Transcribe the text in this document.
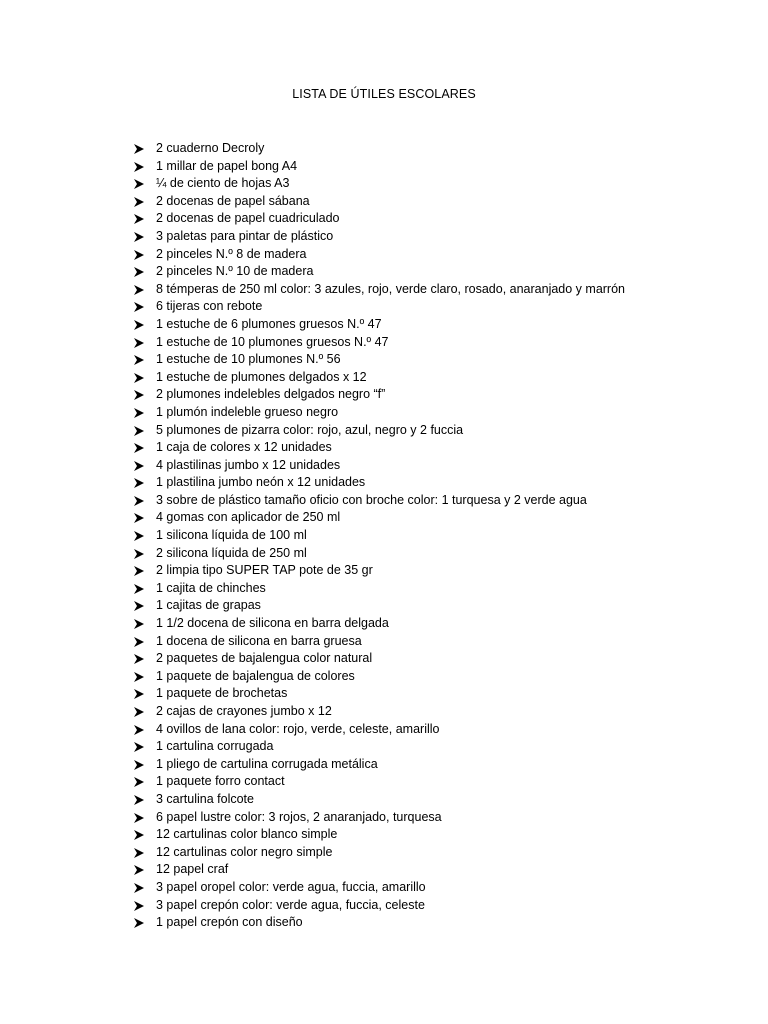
LISTA DE ÚTILES ESCOLARES
2 cuaderno Decroly
1 millar de papel bong A4
¼ de ciento de hojas A3
2 docenas de papel sábana
2 docenas de papel cuadriculado
3 paletas para pintar de plástico
2 pinceles N.º 8 de madera
2 pinceles N.º 10 de madera
8 témperas de 250 ml color: 3 azules, rojo, verde claro, rosado, anaranjado y marrón
6 tijeras con rebote
1 estuche de 6 plumones gruesos N.º 47
1 estuche de 10 plumones gruesos N.º 47
1 estuche de 10 plumones N.º 56
1 estuche de plumones delgados x 12
2 plumones indelebles delgados negro “f”
1 plumón indeleble grueso negro
5 plumones de pizarra color: rojo, azul, negro y 2 fuccia
1 caja de colores x 12 unidades
4 plastilinas jumbo x 12 unidades
1 plastilina jumbo neón x 12 unidades
3 sobre de plástico tamaño oficio con broche color: 1 turquesa y 2 verde agua
4 gomas con aplicador de 250 ml
1 silicona líquida de 100 ml
2 silicona líquida de 250 ml
2 limpia tipo SUPER TAP pote de 35 gr
1 cajita de chinches
1 cajitas de grapas
1 1/2 docena de silicona en barra delgada
1 docena de silicona en barra gruesa
2 paquetes de bajalengua color natural
1 paquete de bajalengua de colores
1 paquete de brochetas
2 cajas de crayones jumbo x 12
4 ovillos de lana color: rojo, verde, celeste, amarillo
1 cartulina corrugada
1 pliego de cartulina corrugada metálica
1 paquete forro contact
3 cartulina folcote
6 papel lustre color: 3 rojos, 2 anaranjado, turquesa
12 cartulinas color blanco simple
12 cartulinas color negro simple
12 papel craf
3 papel oropel color: verde agua, fuccia, amarillo
3 papel crepón color: verde agua, fuccia, celeste
1 papel crepón con diseño
